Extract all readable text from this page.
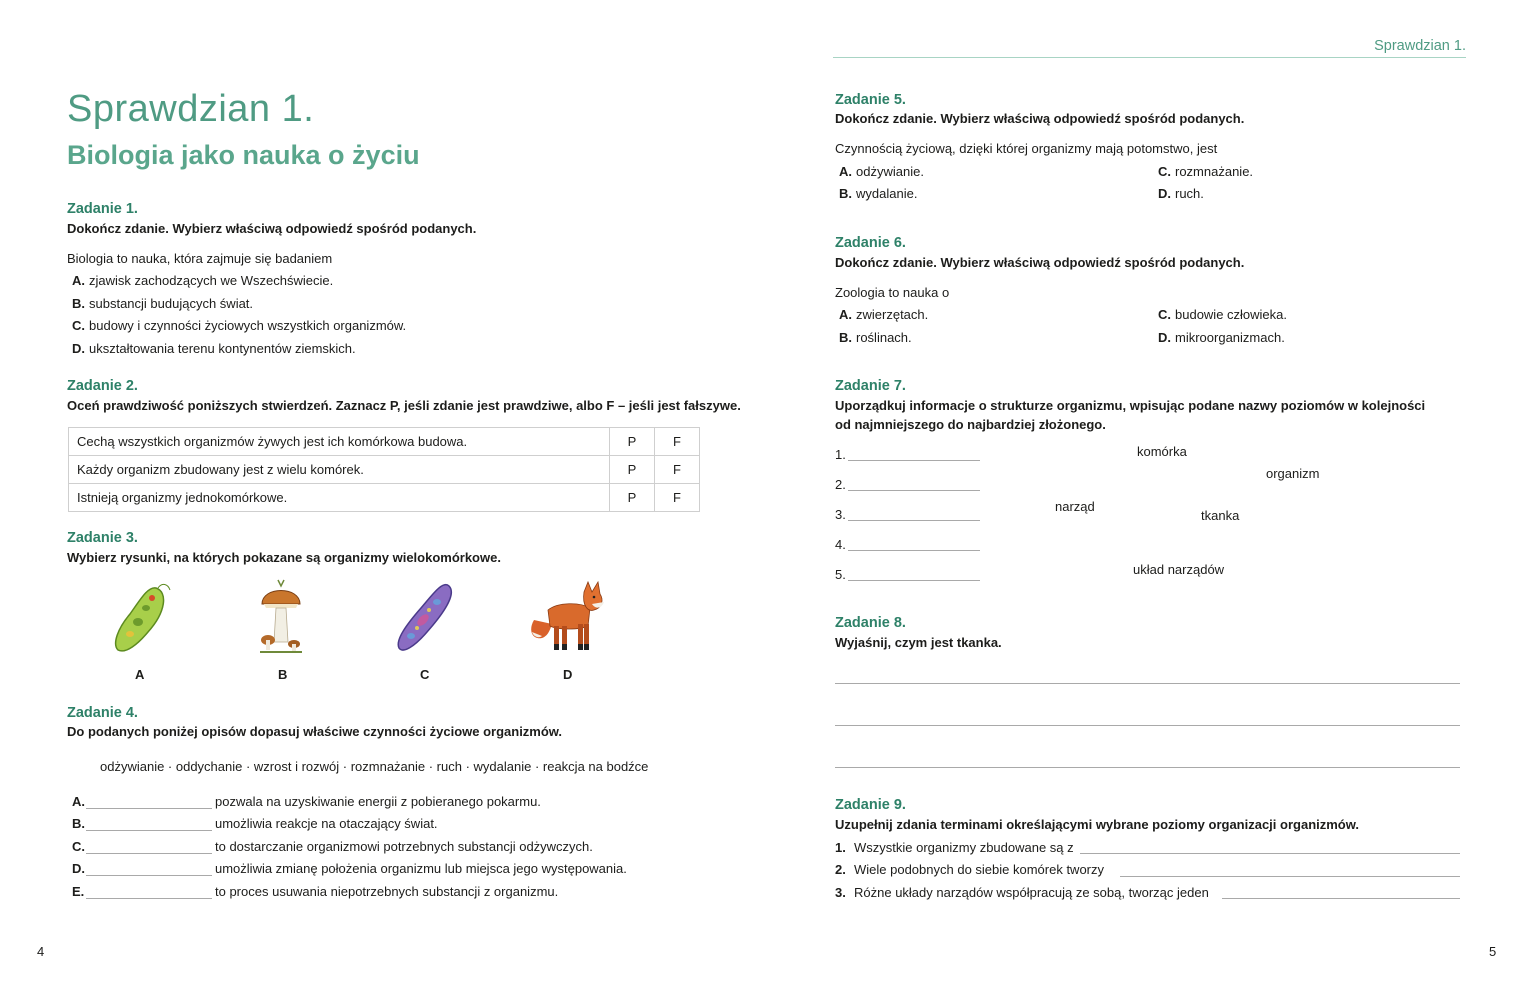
Sprawdzian 1.
Sprawdzian 1.
Biologia jako nauka o życiu
Zadanie 1.
Dokończ zdanie. Wybierz właściwą odpowiedź spośród podanych.
Biologia to nauka, która zajmuje się badaniem
A. zjawisk zachodzących we Wszechświecie.
B. substancji budujących świat.
C. budowy i czynności życiowych wszystkich organizmów.
D. ukształtowania terenu kontynentów ziemskich.
Zadanie 2.
Oceń prawdziwość poniższych stwierdzeń. Zaznacz P, jeśli zdanie jest prawdziwe, albo F – jeśli jest fałszywe.
Cechą wszystkich organizmów żywych jest ich komórkowa budowa.	P	F
Każdy organizm zbudowany jest z wielu komórek.	P	F
Istnieją organizmy jednokomórkowe.	P	F
Zadanie 3.
Wybierz rysunki, na których pokazane są organizmy wielokomórkowe.
A	B	C	D
Zadanie 4.
Do podanych poniżej opisów dopasuj właściwe czynności życiowe organizmów.
odżywianie · oddychanie · wzrost i rozwój · rozmnażanie · ruch · wydalanie · reakcja na bodźce
A.	pozwala na uzyskiwanie energii z pobieranego pokarmu.
B.	umożliwia reakcje na otaczający świat.
C.	to dostarczanie organizmowi potrzebnych substancji odżywczych.
D.	umożliwia zmianę położenia organizmu lub miejsca jego występowania.
E.	to proces usuwania niepotrzebnych substancji z organizmu.
4
Zadanie 5.
Dokończ zdanie. Wybierz właściwą odpowiedź spośród podanych.
Czynnością życiową, dzięki której organizmy mają potomstwo, jest
A. odżywianie.
B. wydalanie.
C. rozmnażanie.
D. ruch.
Zadanie 6.
Dokończ zdanie. Wybierz właściwą odpowiedź spośród podanych.
Zoologia to nauka o
A. zwierzętach.
B. roślinach.
C. budowie człowieka.
D. mikroorganizmach.
Zadanie 7.
Uporządkuj informacje o strukturze organizmu, wpisując podane nazwy poziomów w kolejności
od najmniejszego do najbardziej złożonego.
1.
2.
3.
4.
5.
komórka
organizm
narząd
tkanka
układ narządów
Zadanie 8.
Wyjaśnij, czym jest tkanka.
Zadanie 9.
Uzupełnij zdania terminami określającymi wybrane poziomy organizacji organizmów.
1. Wszystkie organizmy zbudowane są z
2. Wiele podobnych do siebie komórek tworzy
3. Różne układy narządów współpracują ze sobą, tworząc jeden
5
